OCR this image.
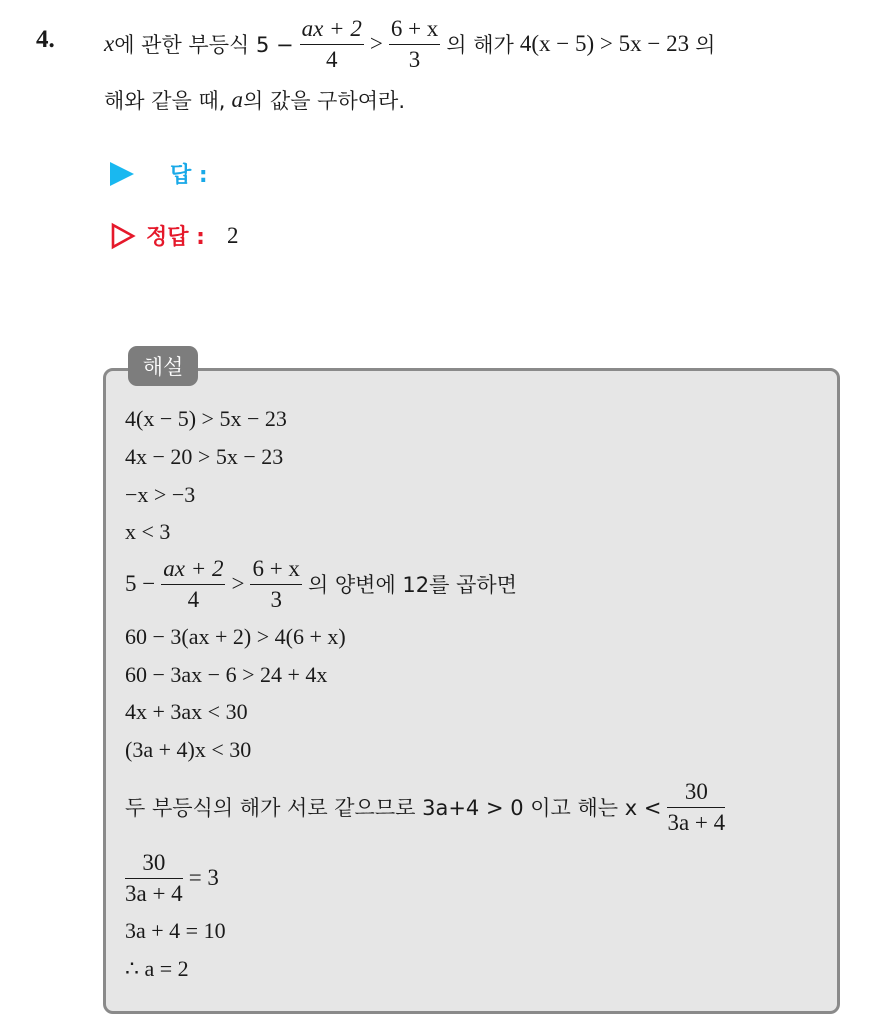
4. x 에 관한 부등식 $5 - \frac{ax + 2}{4} > \frac{6 + x}{3}$ 의 해가 4(x − 5) > 5x − 23 의
해와 같을 때, a 의 값을 구하여라.
답 :
정답 : 2
해설
4(x − 5) > 5x − 23
4x − 20 > 5x − 23
−x > −3
x < 3
$5 - \frac{ax + 2}{4} > \frac{6 + x}{3}$ 의 양변에 12를 곱하면
60 − 3(ax + 2) > 4(6 + x)
60 − 3ax − 6 > 24 + 4x
4x + 3ax < 30
(3a + 4)x < 30
두 부등식의 해가 서로 같으므로 3a+4 > 0 이고 해는 $x < \frac{30}{3a + 4}$
$\frac{30}{3a + 4} = 3$
3a + 4 = 10
∴ a = 2
